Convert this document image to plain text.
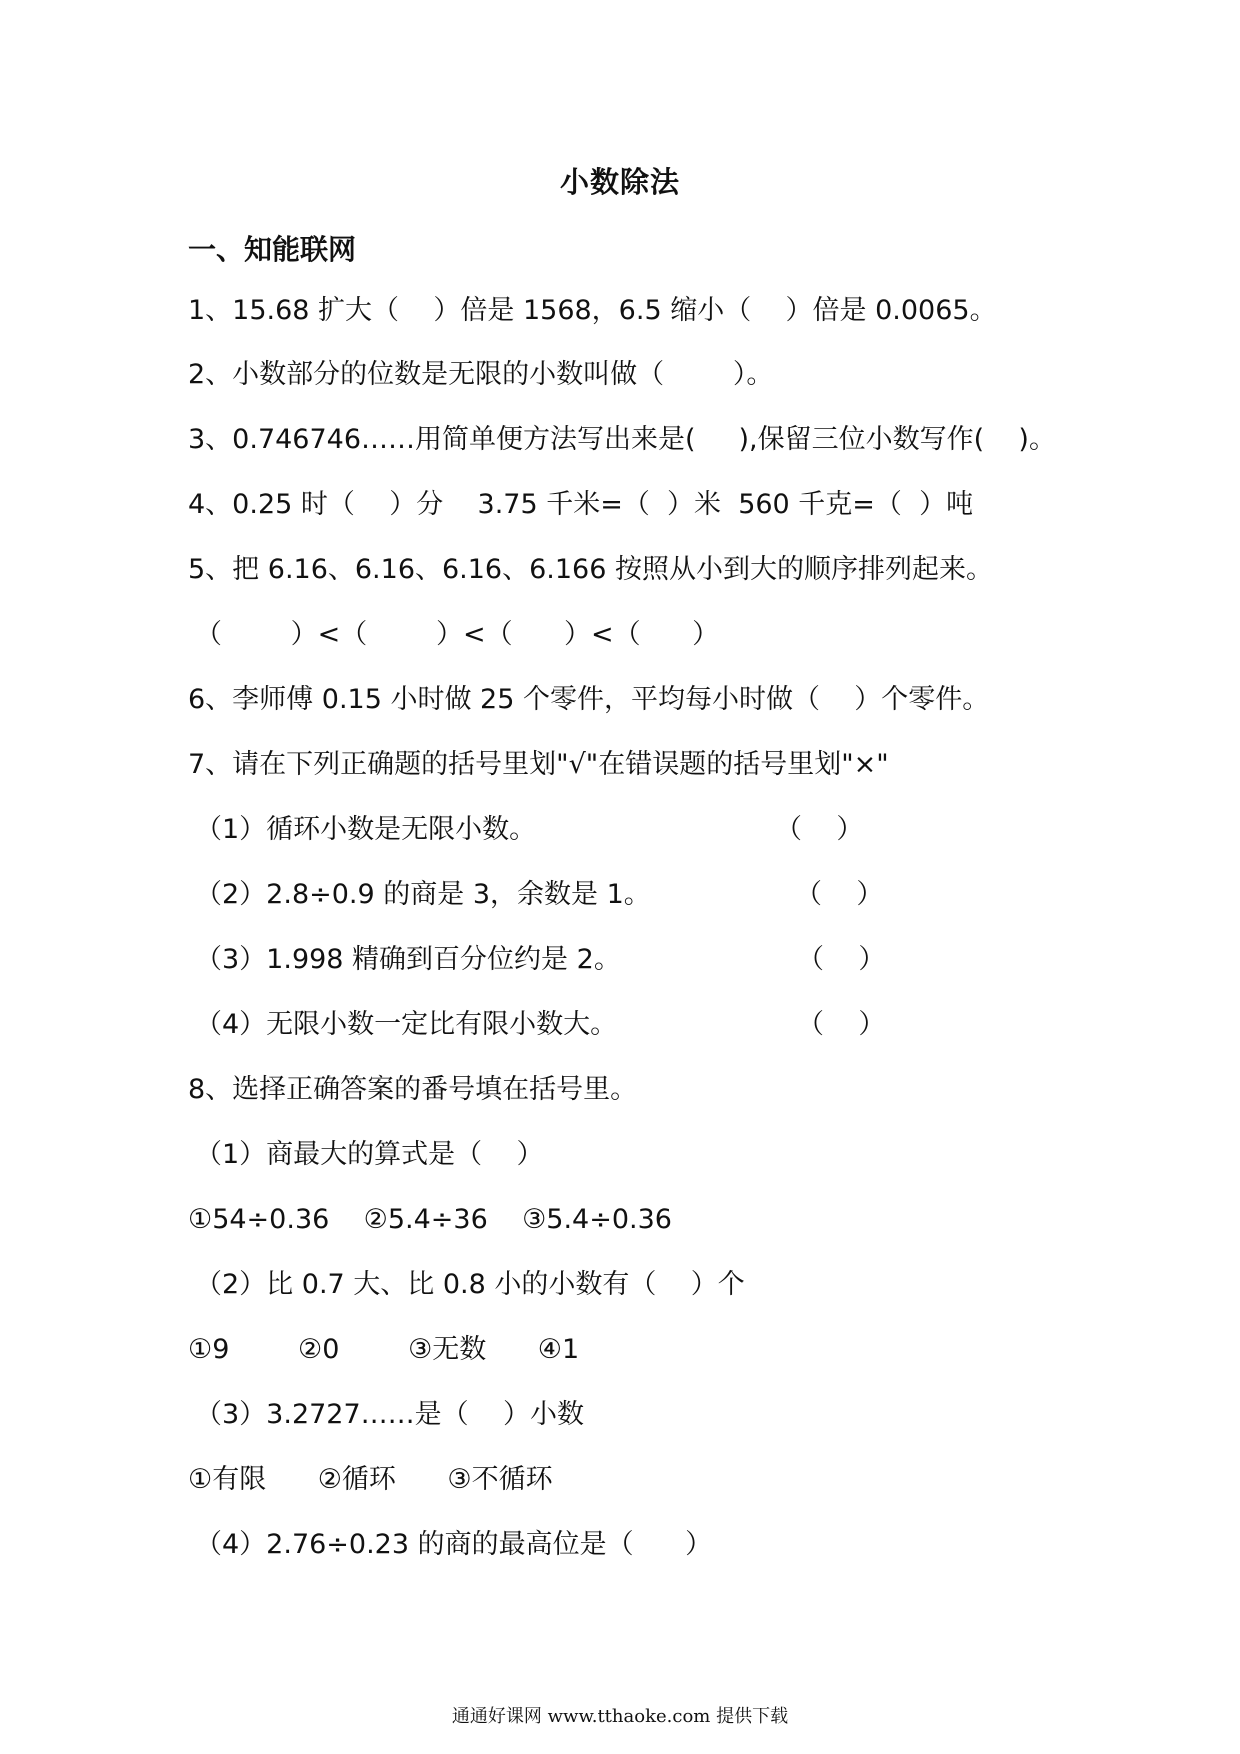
小数除法
一、知能联网
1、15.68 扩大（    ）倍是 1568，6.5 缩小（    ）倍是 0.0065。
2、小数部分的位数是无限的小数叫做（        ）。
3、0.746746……用简单便方法写出来是(     ),保留三位小数写作(    )。
4、0.25 时（    ）分    3.75 千米=（  ）米  560 千克=（  ）吨
5、把 6.16、6.16、6.16、6.166 按照从小到大的顺序排列起来。
（        ）<（        ）<（      ）<（      ）
6、李师傅 0.15 小时做 25 个零件，平均每小时做（    ）个零件。
7、请在下列正确题的括号里划"√"在错误题的括号里划"×"
（1）循环小数是无限小数。	（    ）
（2）2.8÷0.9 的商是 3，余数是 1。	（    ）
（3）1.998 精确到百分位约是 2。	（    ）
（4）无限小数一定比有限小数大。	（    ）
8、选择正确答案的番号填在括号里。
（1）商最大的算式是（    ）
①54÷0.36    ②5.4÷36    ③5.4÷0.36
（2）比 0.7 大、比 0.8 小的小数有（    ）个
①9        ②0        ③无数      ④1
（3）3.2727……是（    ）小数
①有限      ②循环      ③不循环
（4）2.76÷0.23 的商的最高位是（      ）
通通好课网 www.tthaoke.com 提供下载
